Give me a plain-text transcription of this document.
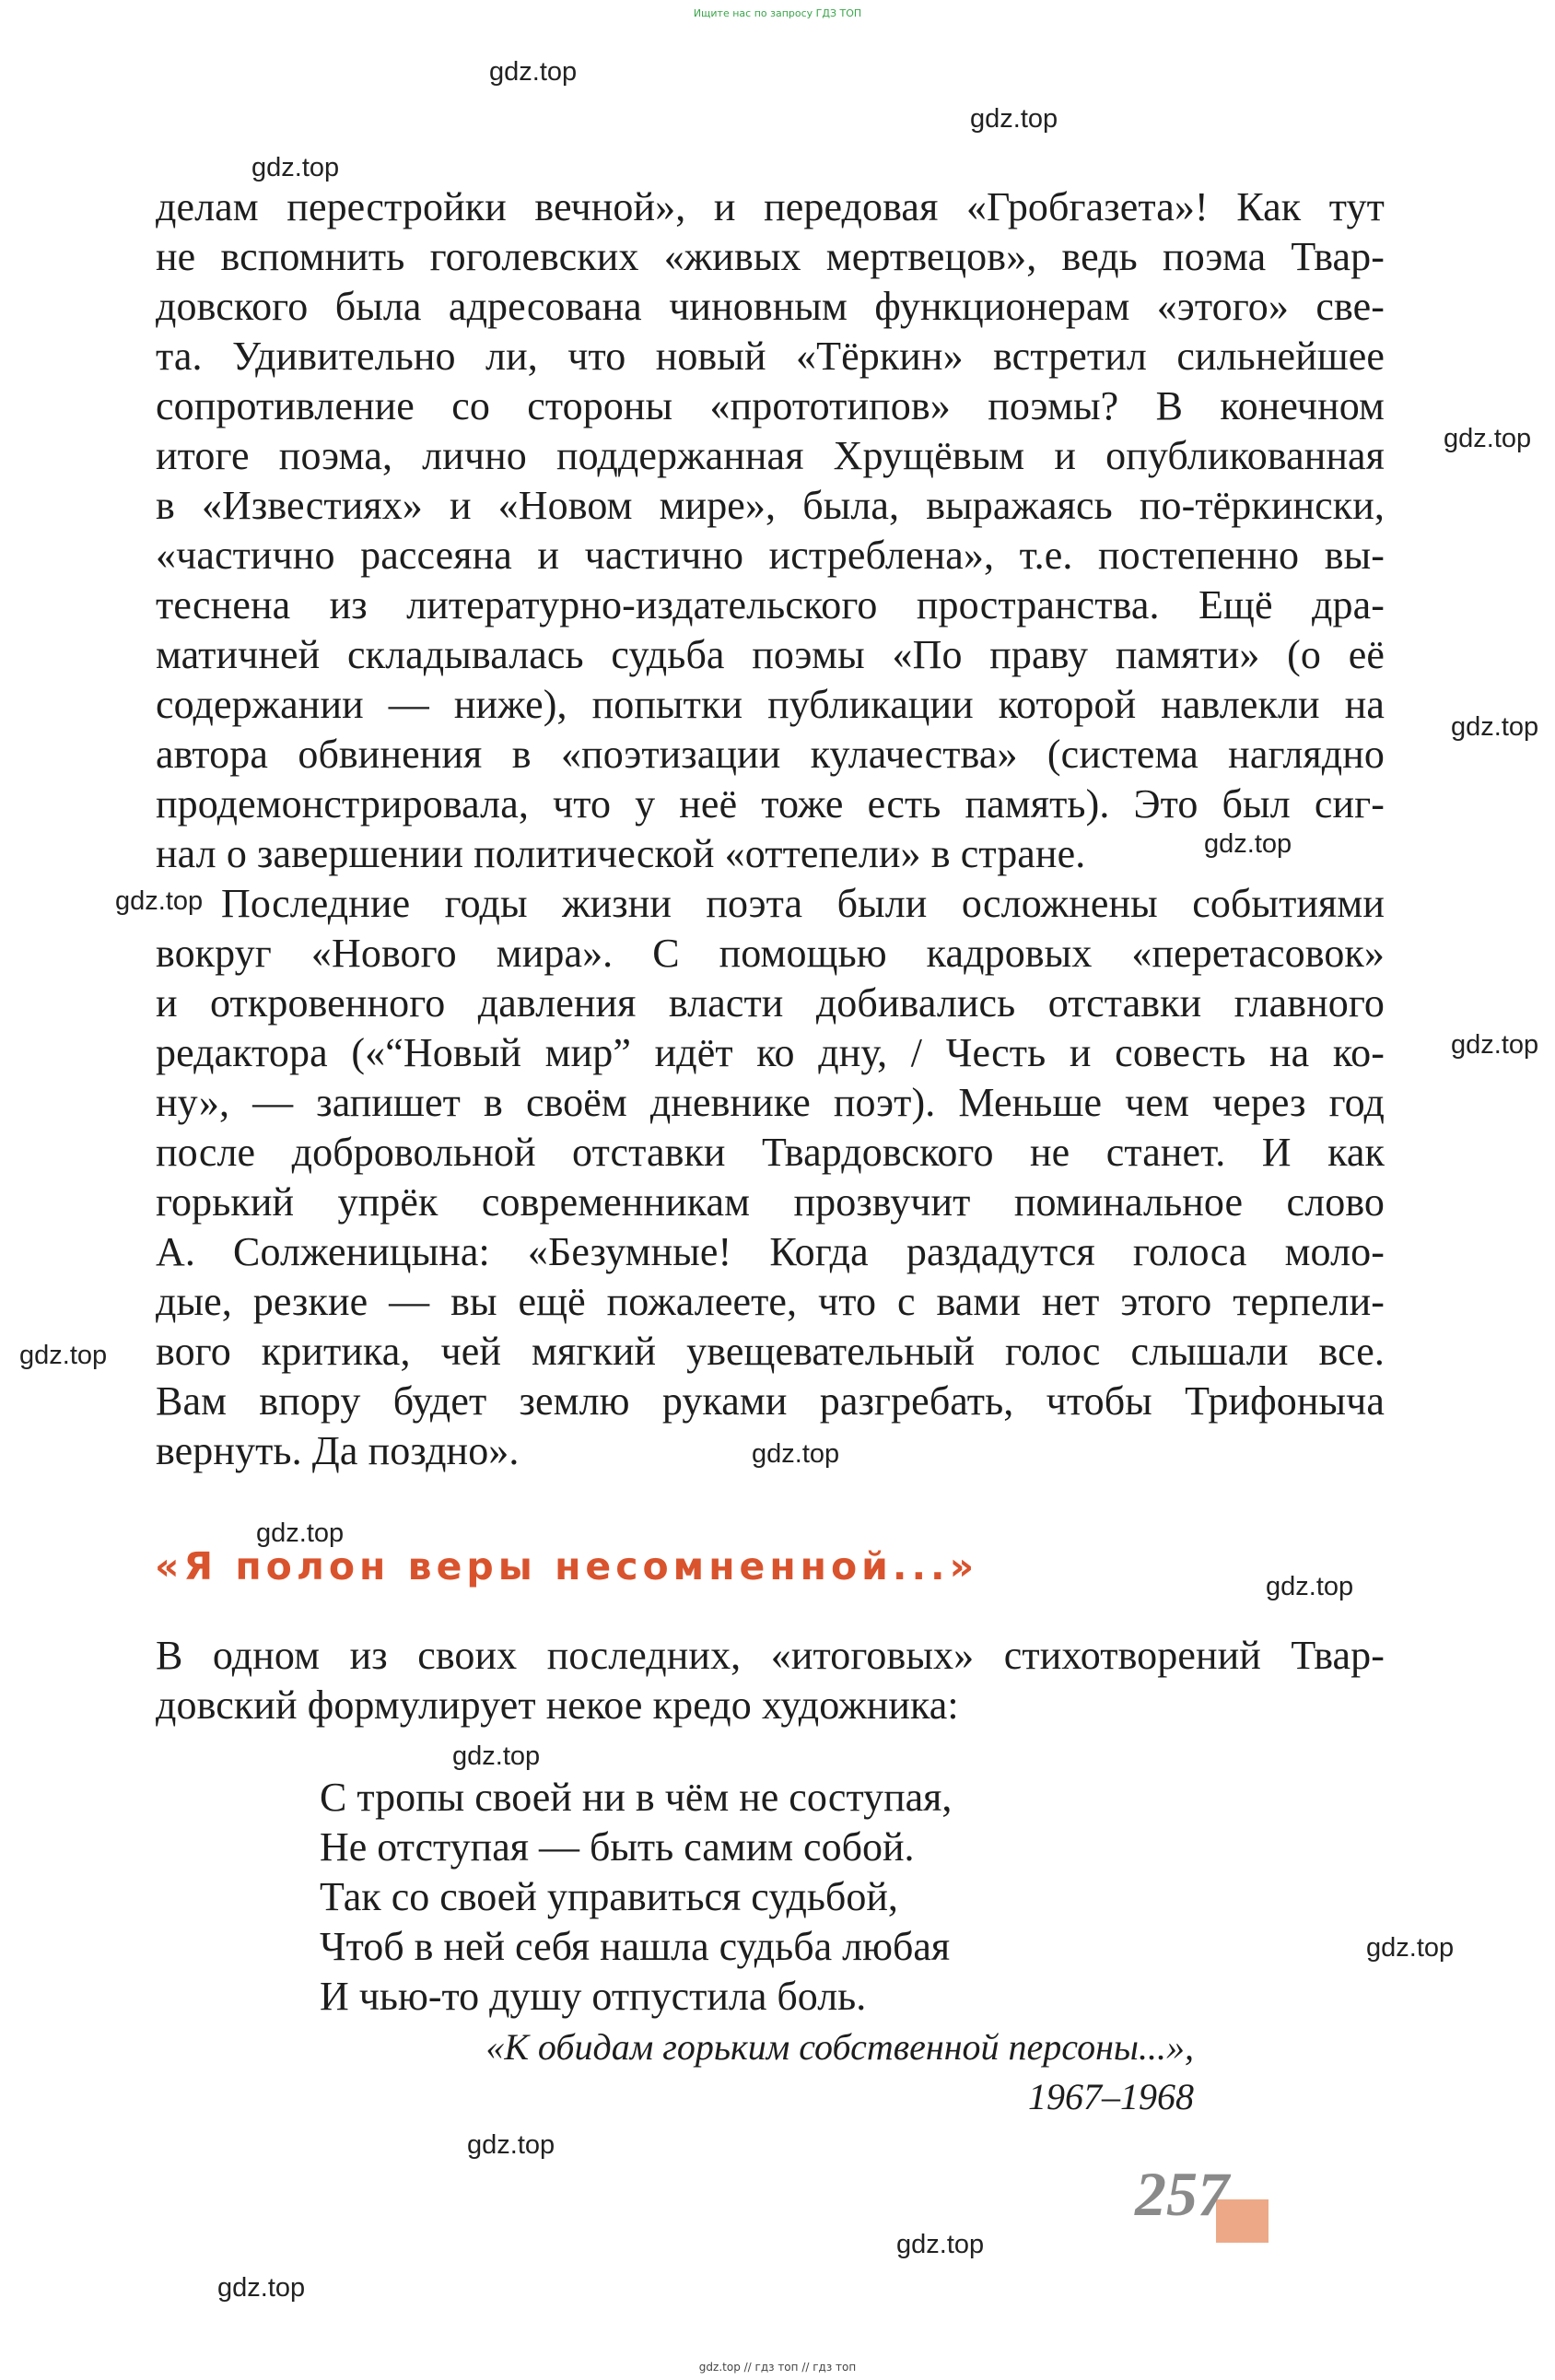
Ищите нас по запросу ГДЗ ТОП
gdz.top
gdz.top
gdz.top
gdz.top
gdz.top
gdz.top
gdz.top
gdz.top
gdz.top
gdz.top
gdz.top
gdz.top
gdz.top
gdz.top
gdz.top
gdz.top
gdz.top
делам перестройки вечной», и передовая «Гробгазета»! Как тут
не вспомнить гоголевских «живых мертвецов», ведь поэма Твар-
довского была адресована чиновным функционерам «этого» све-
та. Удивительно ли, что новый «Тёркин» встретил сильнейшее
сопротивление со стороны «прототипов» поэмы? В конечном
итоге поэма, лично поддержанная Хрущёвым и опубликованная
в «Известиях» и «Новом мире», была, выражаясь по-тёркински,
«частично рассеяна и частично истреблена», т.е. постепенно вы-
теснена из литературно-издательского пространства. Ещё дра-
матичней складывалась судьба поэмы «По праву памяти» (о её
содержании — ниже), попытки публикации которой навлекли на
автора обвинения в «поэтизации кулачества» (система наглядно
продемонстрировала, что у неё тоже есть память). Это был сиг-
нал о завершении политической «оттепели» в стране.
Последние годы жизни поэта были осложнены событиями
вокруг «Нового мира». С помощью кадровых «перетасовок»
и откровенного давления власти добивались отставки главного
редактора («“Новый мир” идёт ко дну, / Честь и совесть на ко-
ну», — запишет в своём дневнике поэт). Меньше чем через год
после добровольной отставки Твардовского не станет. И как
горький упрёк современникам прозвучит поминальное слово
А. Солженицына: «Безумные! Когда раздадутся голоса моло-
дые, резкие — вы ещё пожалеете, что с вами нет этого терпели-
вого критика, чей мягкий увещевательный голос слышали все.
Вам впору будет землю руками разгребать, чтобы Трифоныча
вернуть. Да поздно».
«Я полон веры несомненной...»
В одном из своих последних, «итоговых» стихотворений Твар-
довский формулирует некое кредо художника:
С тропы своей ни в чём не соступая,
Не отступая — быть самим собой.
Так со своей управиться судьбой,
Чтоб в ней себя нашла судьба любая
И чью-то душу отпустила боль.
«К обидам горьким собственной персоны...»,
1967–1968
257
gdz.top // гдз топ // гдз топ
